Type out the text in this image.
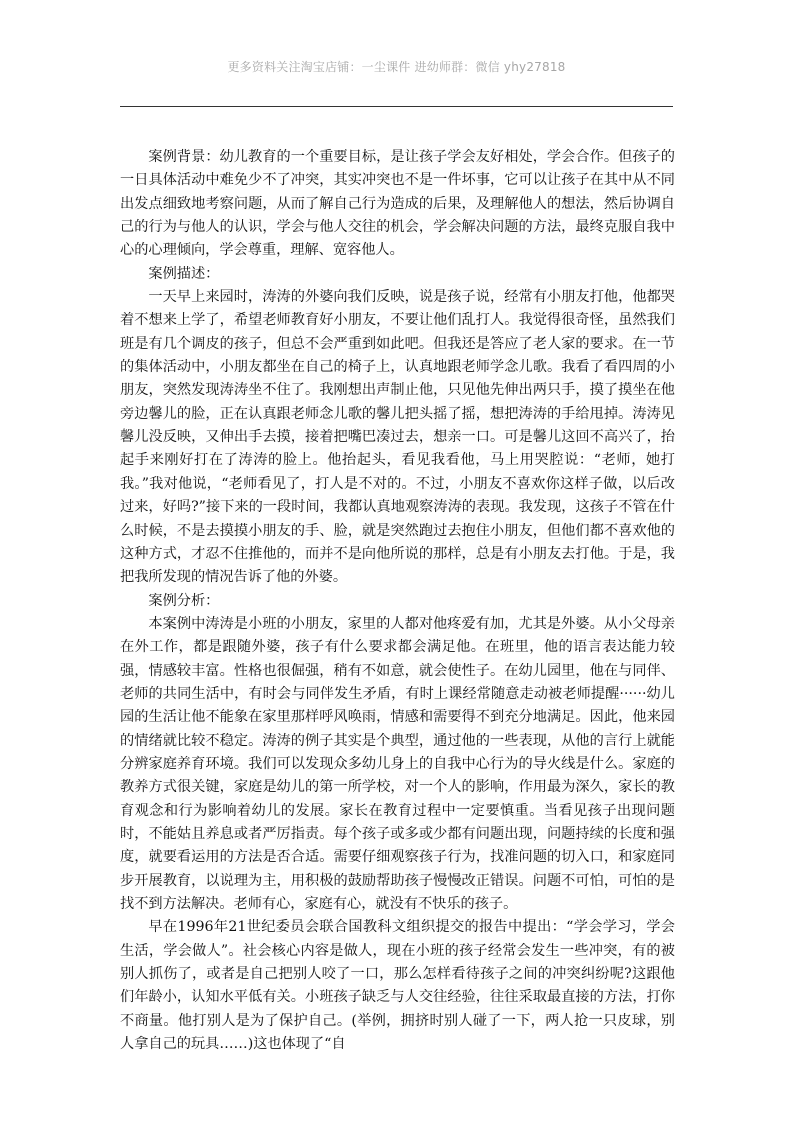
更多资料关注淘宝店铺：一尘课件 进幼师群：微信 yhy27818

案例背景：幼儿教育的一个重要目标，是让孩子学会友好相处，学会合作。但孩子的一日具体活动中难免少不了冲突，其实冲突也不是一件坏事，它可以让孩子在其中从不同出发点细致地考察问题，从而了解自己行为造成的后果，及理解他人的想法，然后协调自己的行为与他人的认识，学会与他人交往的机会，学会解决问题的方法，最终克服自我中心的心理倾向，学会尊重，理解、宽容他人。

案例描述：

一天早上来园时，涛涛的外婆向我们反映，说是孩子说，经常有小朋友打他，他都哭着不想来上学了，希望老师教育好小朋友，不要让他们乱打人。我觉得很奇怪，虽然我们班是有几个调皮的孩子，但总不会严重到如此吧。但我还是答应了老人家的要求。在一节的集体活动中，小朋友都坐在自己的椅子上，认真地跟老师学念儿歌。我看了看四周的小朋友，突然发现涛涛坐不住了。我刚想出声制止他，只见他先伸出两只手，摸了摸坐在他旁边馨儿的脸，正在认真跟老师念儿歌的馨儿把头摇了摇，想把涛涛的手给甩掉。涛涛见馨儿没反映，又伸出手去摸，接着把嘴巴凑过去，想亲一口。可是馨儿这回不高兴了，抬起手来刚好打在了涛涛的脸上。他抬起头，看见我看他，马上用哭腔说：“老师，她打我。”我对他说，“老师看见了，打人是不对的。不过，小朋友不喜欢你这样子做，以后改过来，好吗?”接下来的一段时间，我都认真地观察涛涛的表现。我发现，这孩子不管在什么时候，不是去摸摸小朋友的手、脸，就是突然跑过去抱住小朋友，但他们都不喜欢他的这种方式，才忍不住推他的，而并不是向他所说的那样，总是有小朋友去打他。于是，我把我所发现的情况告诉了他的外婆。

案例分析：

本案例中涛涛是小班的小朋友，家里的人都对他疼爱有加，尤其是外婆。从小父母亲在外工作，都是跟随外婆，孩子有什么要求都会满足他。在班里，他的语言表达能力较强，情感较丰富。性格也很倔强，稍有不如意，就会使性子。在幼儿园里，他在与同伴、老师的共同生活中，有时会与同伴发生矛盾，有时上课经常随意走动被老师提醒······幼儿园的生活让他不能象在家里那样呼风唤雨，情感和需要得不到充分地满足。因此，他来园的情绪就比较不稳定。涛涛的例子其实是个典型，通过他的一些表现，从他的言行上就能分辨家庭养育环境。我们可以发现众多幼儿身上的自我中心行为的导火线是什么。家庭的教养方式很关键，家庭是幼儿的第一所学校，对一个人的影响，作用最为深久，家长的教育观念和行为影响着幼儿的发展。家长在教育过程中一定要慎重。当看见孩子出现问题时，不能姑且养息或者严厉指责。每个孩子或多或少都有问题出现，问题持续的长度和强度，就要看运用的方法是否合适。需要仔细观察孩子行为，找准问题的切入口，和家庭同步开展教育，以说理为主，用积极的鼓励帮助孩子慢慢改正错误。问题不可怕，可怕的是找不到方法解决。老师有心，家庭有心，就没有不快乐的孩子。

早在1996年21世纪委员会联合国教科文组织提交的报告中提出：“学会学习，学会生活，学会做人”。社会核心内容是做人，现在小班的孩子经常会发生一些冲突，有的被别人抓伤了，或者是自己把别人咬了一口，那么怎样看待孩子之间的冲突纠纷呢?这跟他们年龄小，认知水平低有关。小班孩子缺乏与人交往经验，往往采取最直接的方法，打你不商量。他打别人是为了保护自己。(举例，拥挤时别人碰了一下，两人抢一只皮球，别人拿自己的玩具……)这也体现了“自
